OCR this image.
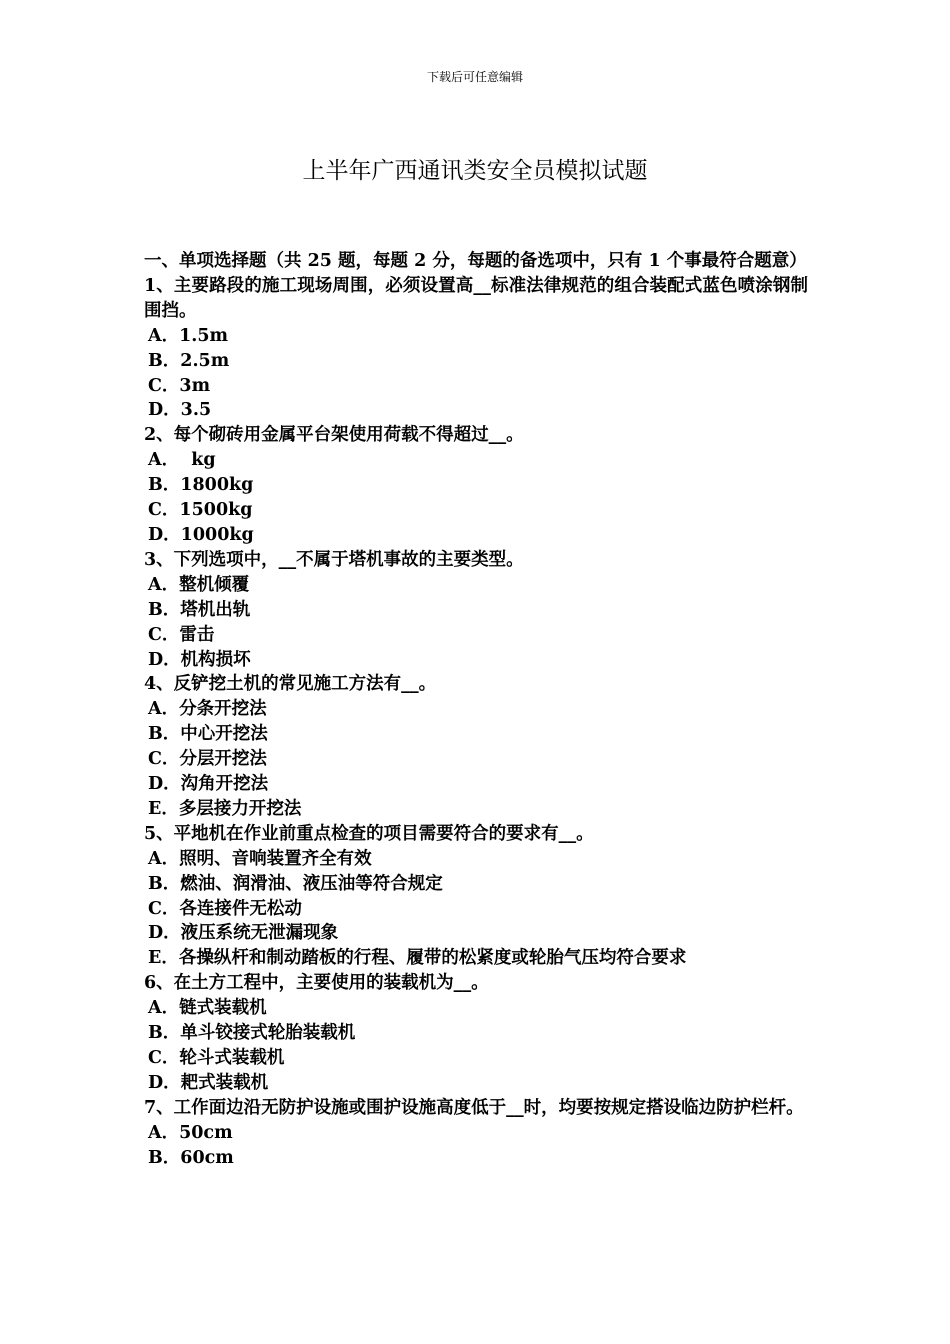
下载后可任意编辑
上半年广西通讯类安全员模拟试题
一、单项选择题（共 25 题，每题 2 分，每题的备选项中，只有 1 个事最符合题意）
1、主要路段的施工现场周围，必须设置高__标准法律规范的组合装配式蓝色喷涂钢制围挡。
A．1.5m
B．2.5m
C．3m
D．3.5
2、每个砌砖用金属平台架使用荷载不得超过__。
A．  kg
B．1800kg
C．1500kg
D．1000kg
3、下列选项中，__不属于塔机事故的主要类型。
A．整机倾覆
B．塔机出轨
C．雷击
D．机构损坏
4、反铲挖土机的常见施工方法有__。
A．分条开挖法
B．中心开挖法
C．分层开挖法
D．沟角开挖法
E．多层接力开挖法
5、平地机在作业前重点检查的项目需要符合的要求有__。
A．照明、音响装置齐全有效
B．燃油、润滑油、液压油等符合规定
C．各连接件无松动
D．液压系统无泄漏现象
E．各操纵杆和制动踏板的行程、履带的松紧度或轮胎气压均符合要求
6、在土方工程中，主要使用的装载机为__。
A．链式装载机
B．单斗铰接式轮胎装载机
C．轮斗式装载机
D．耙式装载机
7、工作面边沿无防护设施或围护设施高度低于__时，均要按规定搭设临边防护栏杆。
A．50cm
B．60cm
